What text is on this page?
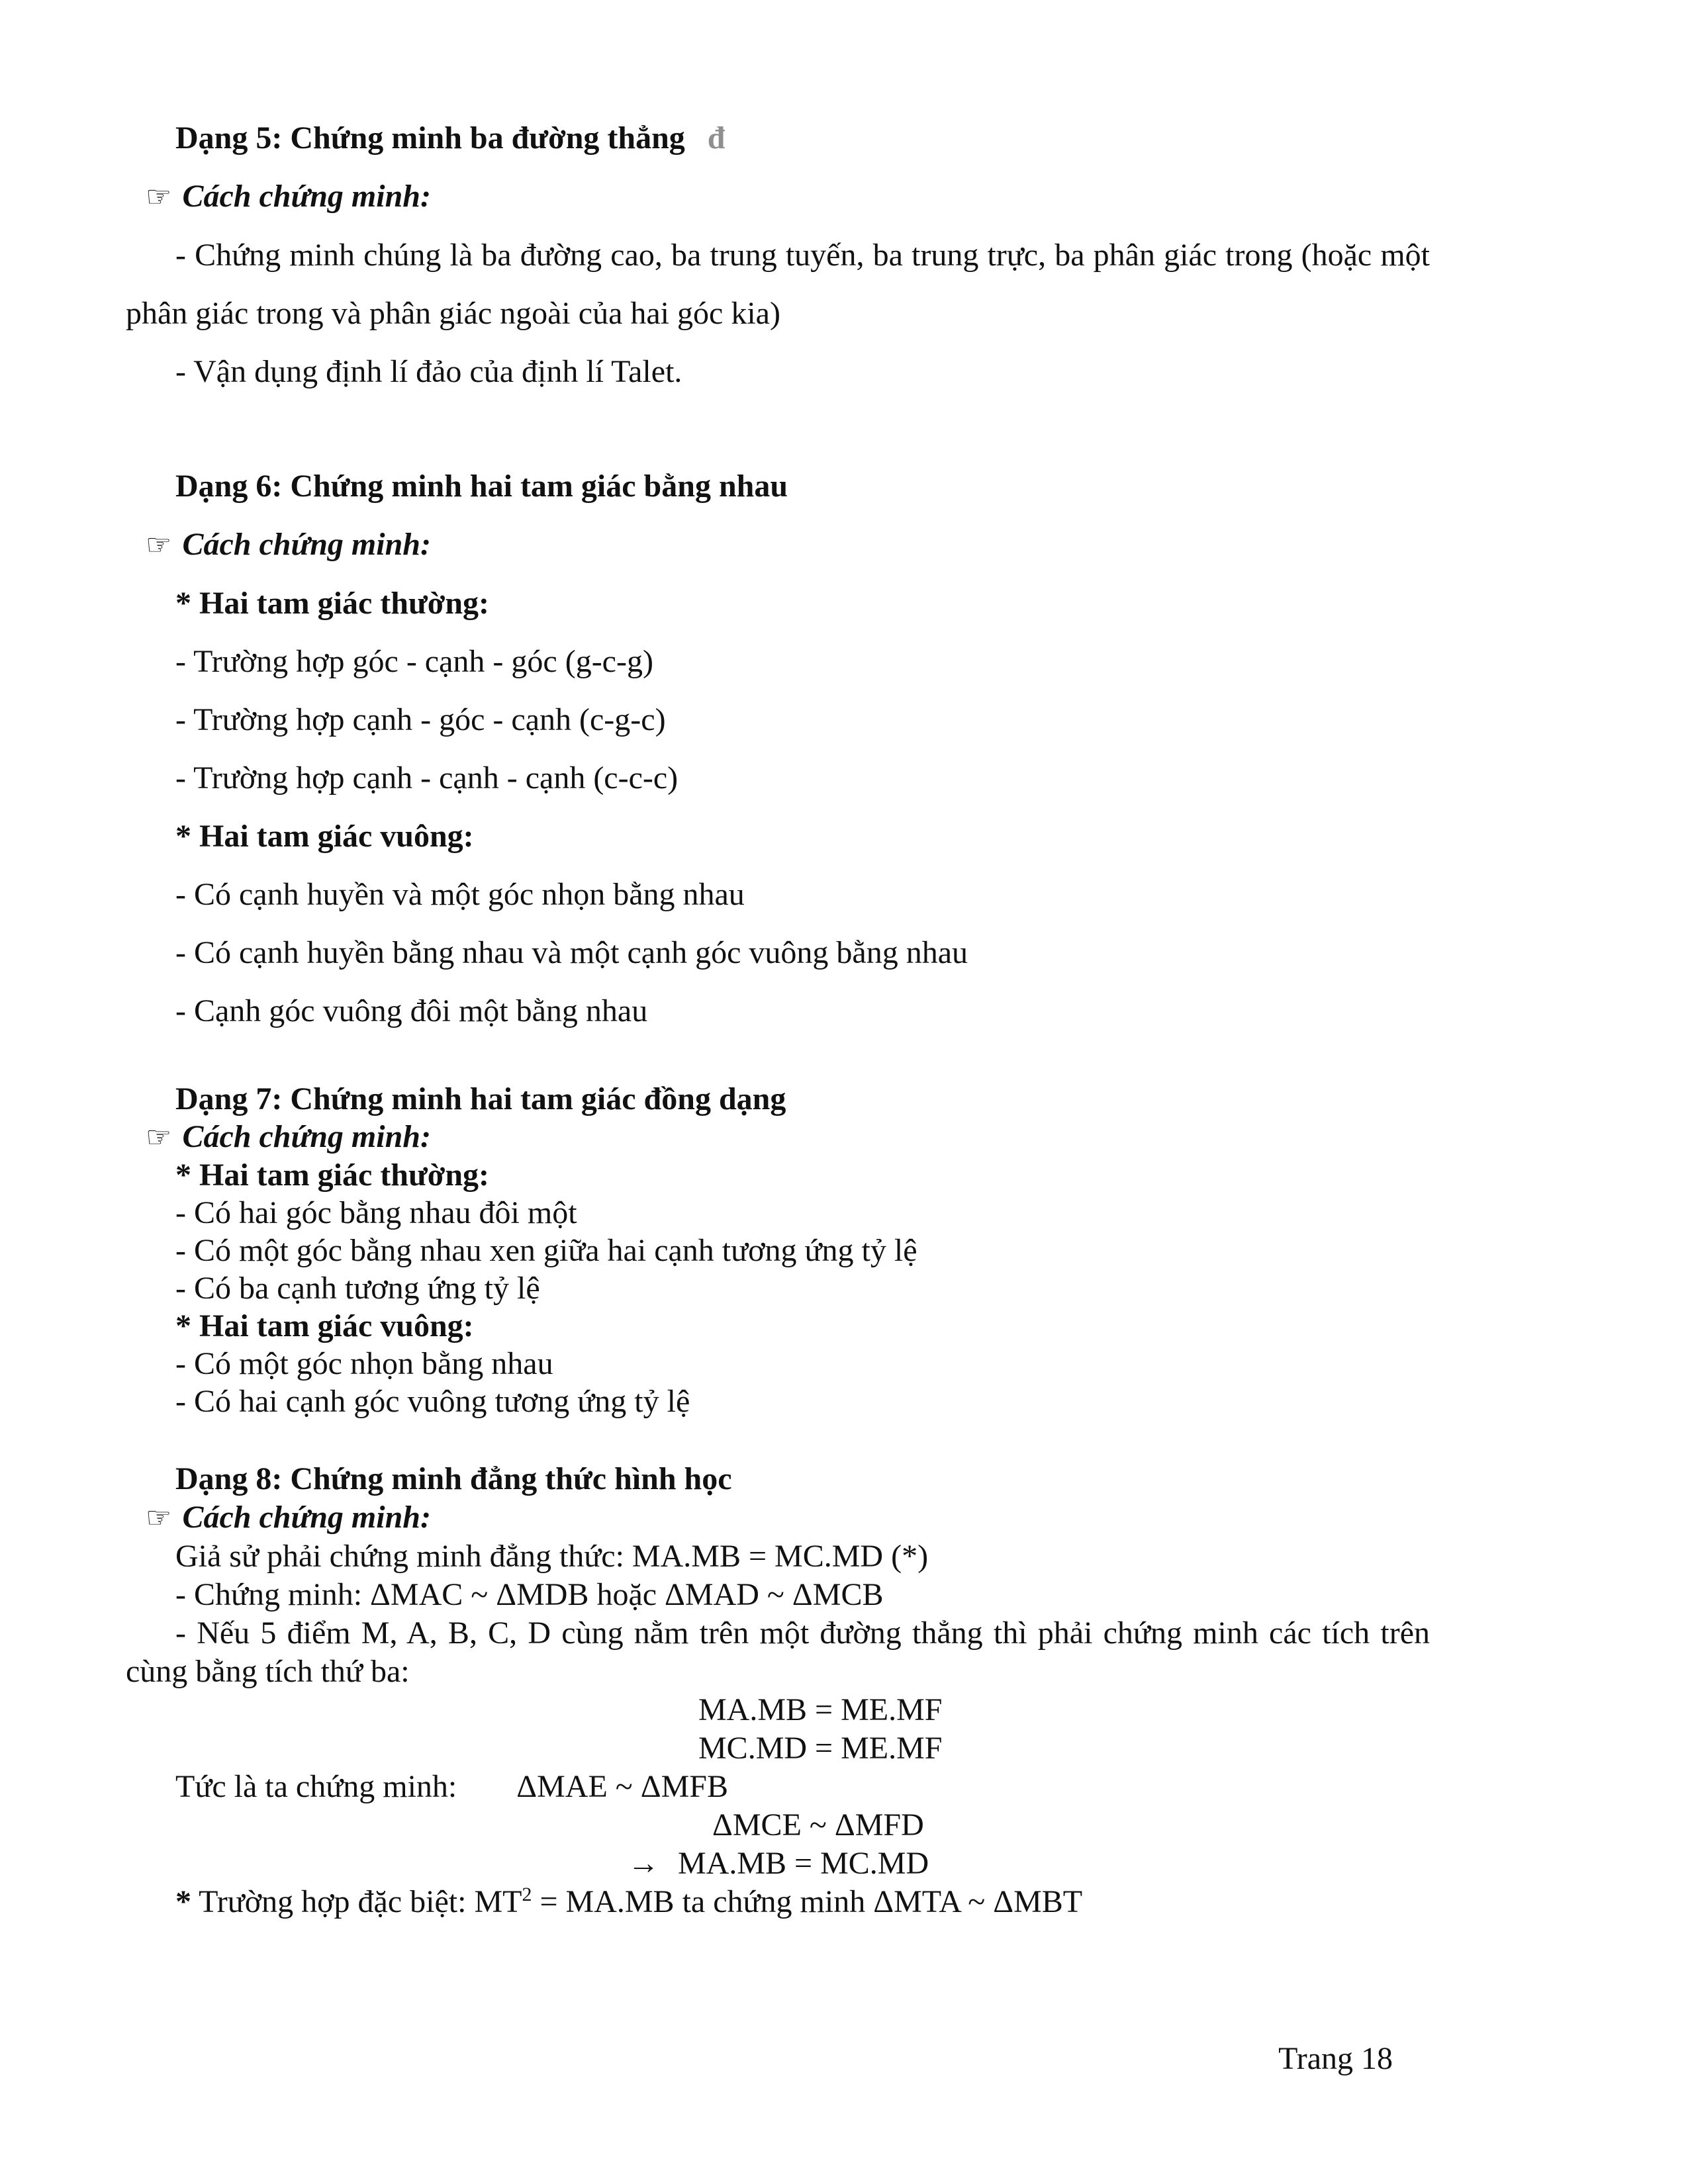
Dạng 5: Chứng minh ba đường thẳng đ
☞ Cách chứng minh:
- Chứng minh chúng là ba đường cao, ba trung tuyến, ba trung trực, ba phân giác trong (hoặc một phân giác trong và phân giác ngoài của hai góc kia)
- Vận dụng định lí đảo của định lí Talet.
Dạng 6: Chứng minh hai tam giác bằng nhau
☞ Cách chứng minh:
* Hai tam giác thường:
- Trường hợp góc - cạnh - góc (g-c-g)
- Trường hợp cạnh - góc - cạnh (c-g-c)
- Trường hợp cạnh - cạnh - cạnh (c-c-c)
* Hai tam giác vuông:
- Có cạnh huyền và một góc nhọn bằng nhau
- Có cạnh huyền bằng nhau và một cạnh góc vuông bằng nhau
- Cạnh góc vuông đôi một bằng nhau
Dạng 7: Chứng minh hai tam giác đồng dạng
☞ Cách chứng minh:
* Hai tam giác thường:
- Có hai góc bằng nhau đôi một
- Có một góc bằng nhau xen giữa hai cạnh tương ứng tỷ lệ
- Có ba cạnh tương ứng tỷ lệ
* Hai tam giác vuông:
- Có một góc nhọn bằng nhau
- Có hai cạnh góc vuông tương ứng tỷ lệ
Dạng 8: Chứng minh đẳng thức hình học
☞ Cách chứng minh:
Giả sử phải chứng minh đẳng thức: MA.MB = MC.MD (*)
- Chứng minh: ΔMAC ~ ΔMDB hoặc ΔMAD ~ ΔMCB
- Nếu 5 điểm M, A, B, C, D cùng nằm trên một đường thẳng thì phải chứng minh các tích trên cùng bằng tích thứ ba:
MA.MB = ME.MF
MC.MD = ME.MF
Tức là ta chứng minh: ΔMAE ~ ΔMFB
ΔMCE ~ ΔMFD
→ MA.MB = MC.MD
* Trường hợp đặc biệt: $MT^2 = MA.MB$ ta chứng minh ΔMTA ~ ΔMBT
Trang 18
